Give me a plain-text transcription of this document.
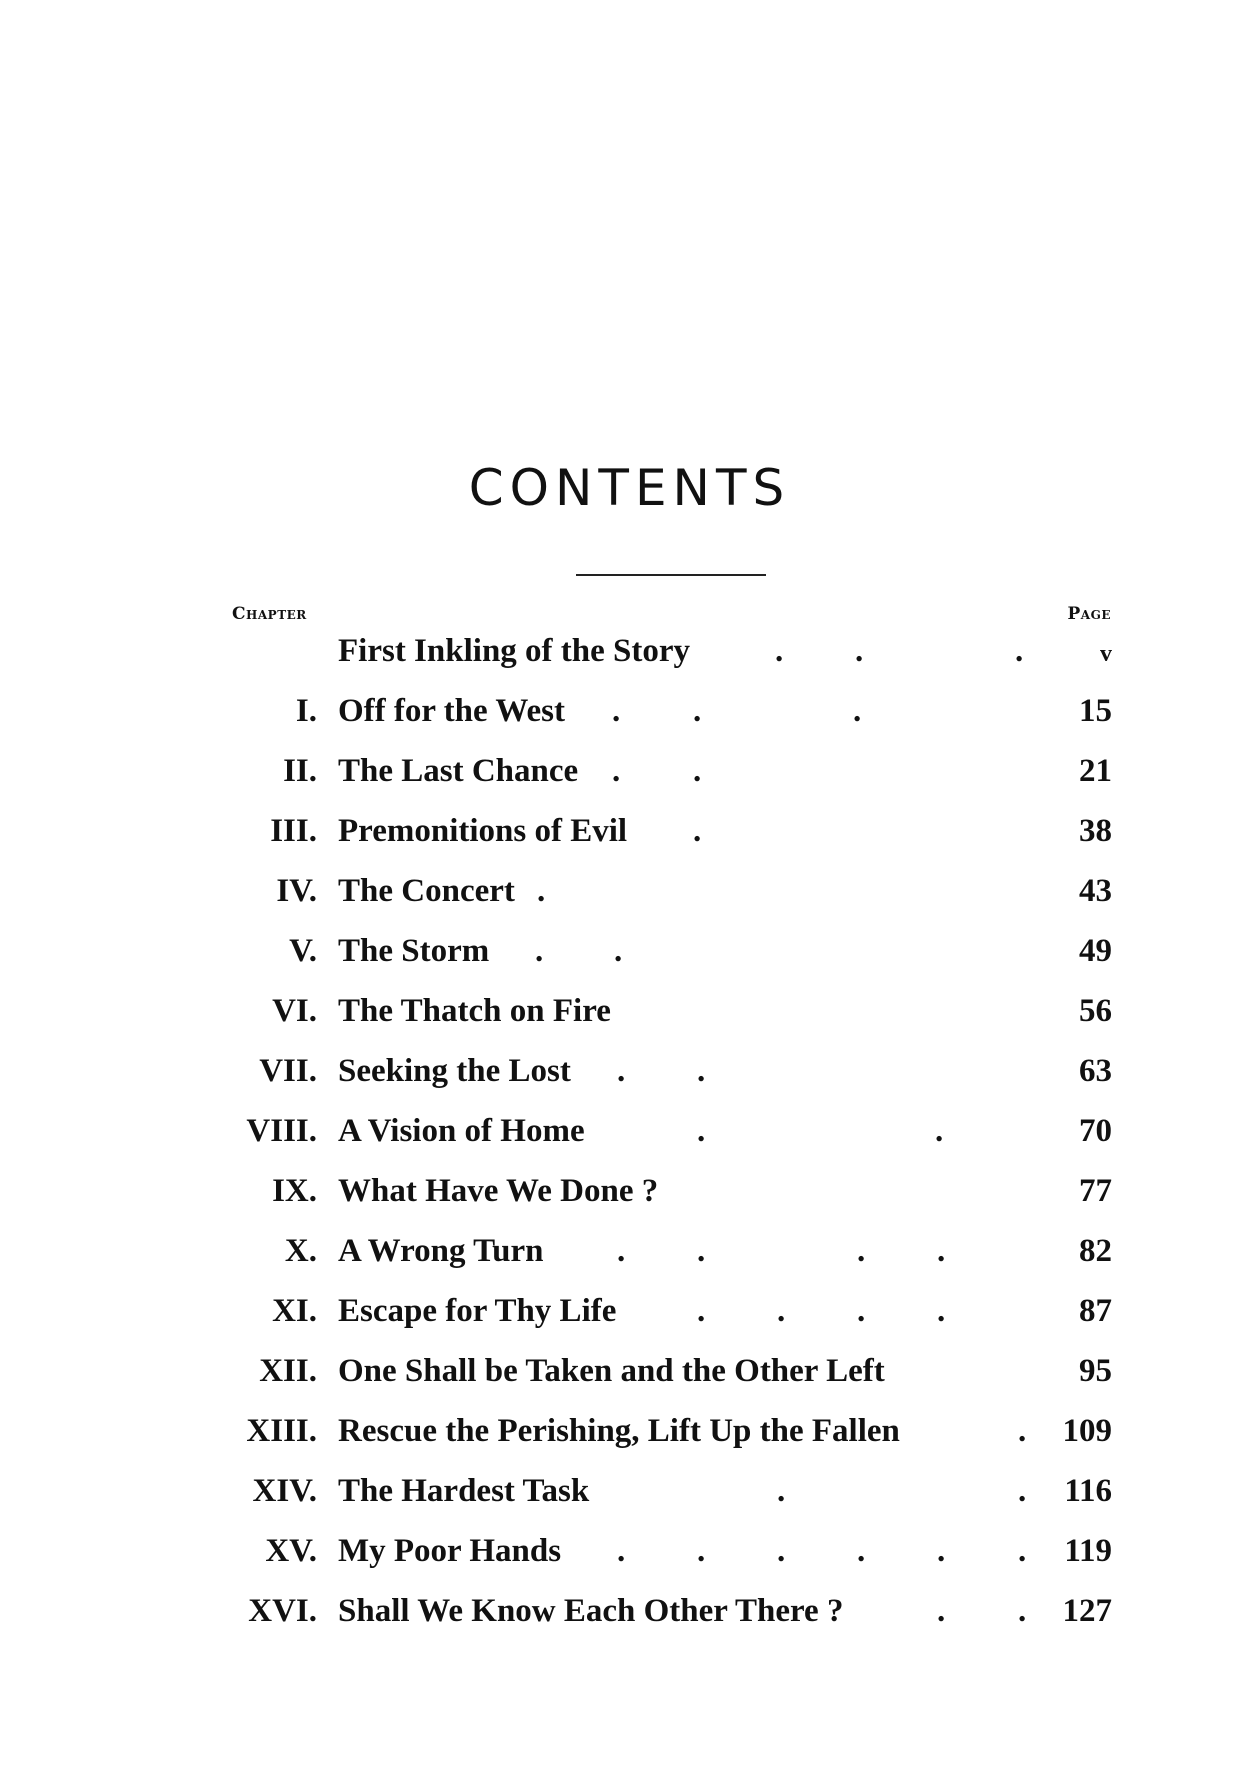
CONTENTS
Chapter	Page
First Inkling of the Story	. .	.	v
I. Off for the West . .	.	15
II. The Last Chance . .	21
III. Premonitions of Evil .	38
IV. The Concert .	43
V. The Storm . .	49
VI. The Thatch on Fire	56
VII. Seeking the Lost . .	63
VIII. A Vision of Home	.	.	70
IX. What Have We Done ?	77
X. A Wrong Turn . .	. .	82
XI. Escape for Thy Life . . . .	87
XII. One Shall be Taken and the Other Left	95
XIII. Rescue the Perishing, Lift Up the Fallen	. 109
XIV. The Hardest Task	.	. 116
XV. My Poor Hands . . . . . . 119
XVI. Shall We Know Each Other There ?	. . 127
